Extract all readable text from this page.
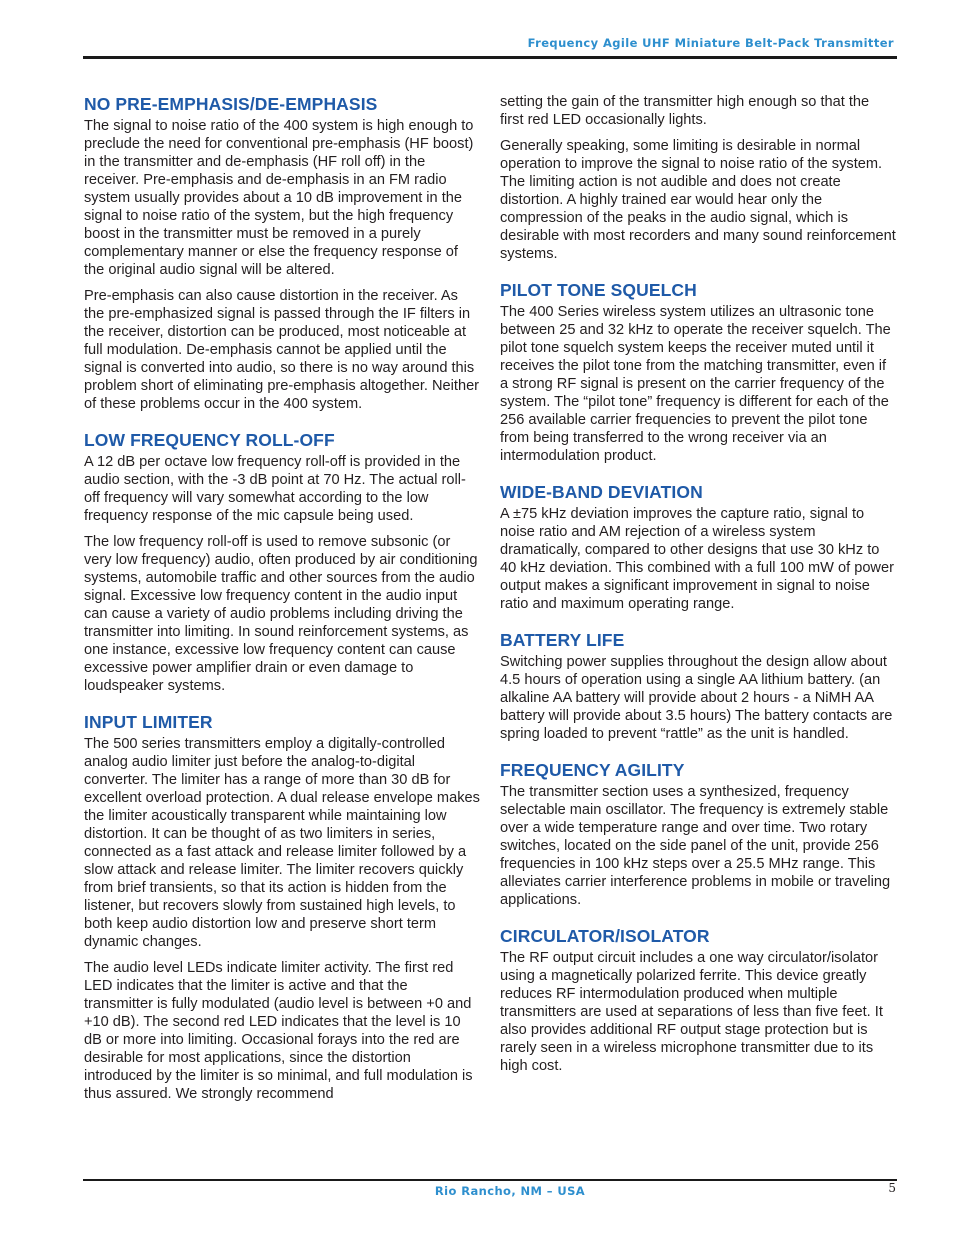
Frequency Agile UHF Miniature Belt-Pack Transmitter
NO PRE-EMPHASIS/DE-EMPHASIS

The signal to noise ratio of the 400 system is high enough to preclude the need for conventional pre-emphasis (HF boost) in the transmitter and de-emphasis (HF roll off) in the receiver. Pre-emphasis and de-emphasis in an FM radio system usually provides about a 10 dB improvement in the signal to noise ratio of the system, but the high frequency boost in the transmitter must be removed in a purely complementary manner or else the frequency response of the original audio signal will be altered.

Pre-emphasis can also cause distortion in the receiver. As the pre-emphasized signal is passed through the IF filters in the receiver, distortion can be produced, most noticeable at full modulation. De-emphasis cannot be applied until the signal is converted into audio, so there is no way around this problem short of eliminating pre-emphasis altogether. Neither of these problems occur in the 400 system.

LOW FREQUENCY ROLL-OFF

A 12 dB per octave low frequency roll-off is provided in the audio section, with the -3 dB point at 70 Hz. The actual roll-off frequency will vary somewhat according to the low frequency response of the mic capsule being used.

The low frequency roll-off is used to remove subsonic (or very low frequency) audio, often produced by air conditioning systems, automobile traffic and other sources from the audio signal. Excessive low frequency content in the audio input can cause a variety of audio problems including driving the transmitter into limiting. In sound reinforcement systems, as one instance, excessive low frequency content can cause excessive power amplifier drain or even damage to loudspeaker systems.

INPUT LIMITER

The 500 series transmitters employ a digitally-controlled analog audio limiter just before the analog-to-digital converter. The limiter has a range of more than 30 dB for excellent overload protection. A dual release envelope makes the limiter acoustically transparent while maintaining low distortion. It can be thought of as two limiters in series, connected as a fast attack and release limiter followed by a slow attack and release limiter. The limiter recovers quickly from brief transients, so that its action is hidden from the listener, but recovers slowly from sustained high levels, to both keep audio distortion low and preserve short term dynamic changes.

The audio level LEDs indicate limiter activity. The first red LED indicates that the limiter is active and that the transmitter is fully modulated (audio level is between +0 and +10 dB). The second red LED indicates that the level is 10 dB or more into limiting. Occasional forays into the red are desirable for most applications, since the distortion introduced by the limiter is so minimal, and full modulation is thus assured. We strongly recommend

setting the gain of the transmitter high enough so that the first red LED occasionally lights.

Generally speaking, some limiting is desirable in normal operation to improve the signal to noise ratio of the system. The limiting action is not audible and does not create distortion. A highly trained ear would hear only the compression of the peaks in the audio signal, which is desirable with most recorders and many sound reinforcement systems.

PILOT TONE SQUELCH

The 400 Series wireless system utilizes an ultrasonic tone between 25 and 32 kHz to operate the receiver squelch. The pilot tone squelch system keeps the receiver muted until it receives the pilot tone from the matching transmitter, even if a strong RF signal is present on the carrier frequency of the system. The “pilot tone” frequency is different for each of the 256 available carrier frequencies to prevent the pilot tone from being transferred to the wrong receiver via an intermodulation product.

WIDE-BAND DEVIATION

A ±75 kHz deviation improves the capture ratio, signal to noise ratio and AM rejection of a wireless system dramatically, compared to other designs that use 30 kHz to 40 kHz deviation. This combined with a full 100 mW of power output makes a significant improvement in signal to noise ratio and maximum operating range.

BATTERY LIFE

Switching power supplies throughout the design allow about 4.5 hours of operation using a single AA lithium battery. (an alkaline AA battery will provide about 2 hours - a NiMH AA battery will provide about 3.5 hours) The battery contacts are spring loaded to prevent “rattle” as the unit is handled.

FREQUENCY AGILITY

The transmitter section uses a synthesized, frequency selectable main oscillator. The frequency is extremely stable over a wide temperature range and over time. Two rotary switches, located on the side panel of the unit, provide 256 frequencies in 100 kHz steps over a 25.5 MHz range. This alleviates carrier interference problems in mobile or traveling applications.

CIRCULATOR/ISOLATOR

The RF output circuit includes a one way circulator/isolator using a magnetically polarized ferrite. This device greatly reduces RF intermodulation produced when multiple transmitters are used at separations of less than five feet. It also provides additional RF output stage protection but is rarely seen in a wireless microphone transmitter due to its high cost.

Rio Rancho, NM – USA	5
